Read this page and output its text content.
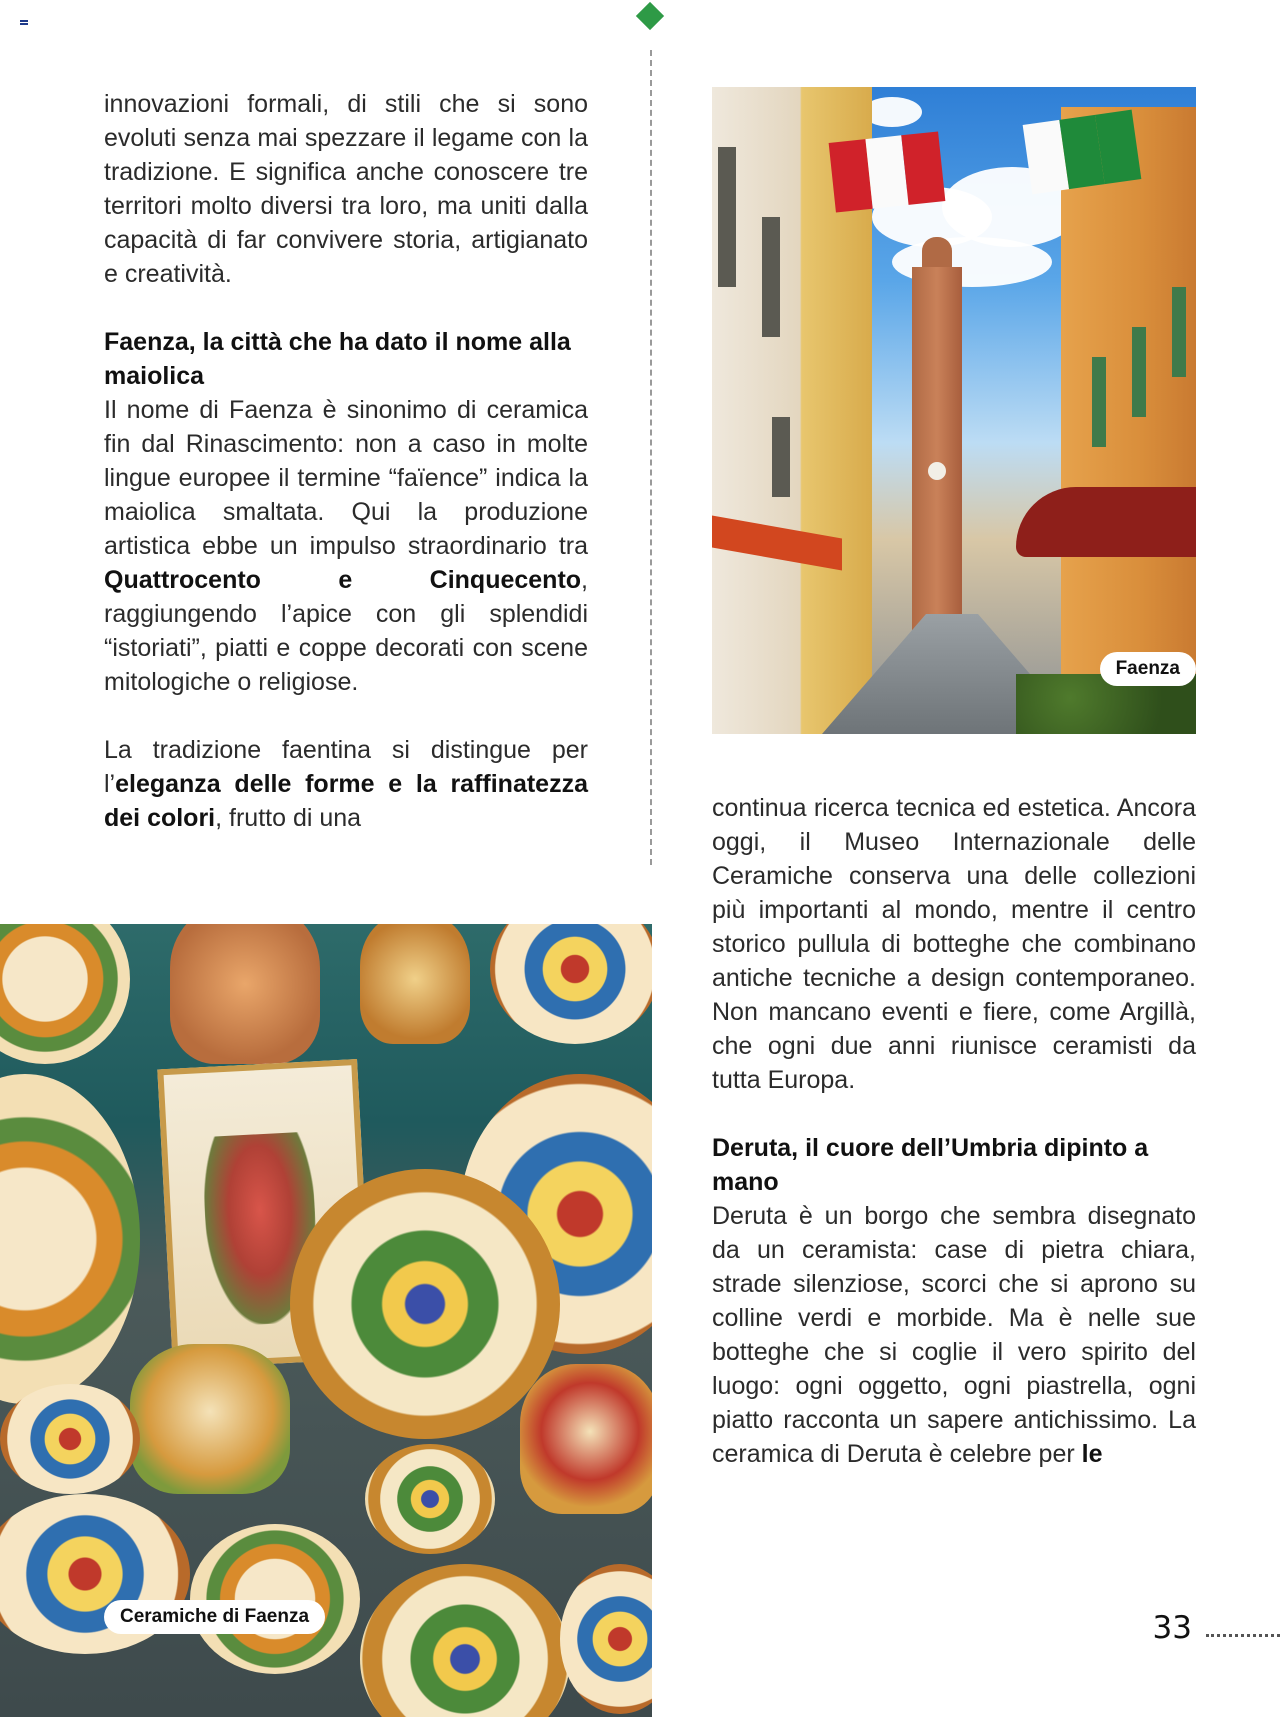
innovazioni formali, di stili che si sono evoluti senza mai spezzare il legame con la tradizione. E significa anche conoscere tre territori molto diversi tra loro, ma uniti dalla capacità di far convivere storia, artigianato e creatività.

Faenza, la città che ha dato il nome alla maiolica

Il nome di Faenza è sinonimo di ceramica fin dal Rinascimento: non a caso in molte lingue europee il termine “faïence” indica la maiolica smaltata. Qui la produzione artistica ebbe un impulso straordinario tra Quattrocento e Cinquecento, raggiungendo l’apice con gli splendidi “istoriati”, piatti e coppe decorati con scene mitologiche o religiose.

La tradizione faentina si distingue per l’eleganza delle forme e la raffinatezza dei colori, frutto di una

Faenza

continua ricerca tecnica ed estetica. Ancora oggi, il Museo Internazionale delle Ceramiche conserva una delle collezioni più importanti al mondo, mentre il centro storico pullula di botteghe che combinano antiche tecniche a design contemporaneo. Non mancano eventi e fiere, come Argillà, che ogni due anni riunisce ceramisti da tutta Europa.

Deruta, il cuore dell’Umbria dipinto a mano

Deruta è un borgo che sembra disegnato da un ceramista: case di pietra chiara, strade silenziose, scorci che si aprono su colline verdi e morbide. Ma è nelle sue botteghe che si coglie il vero spirito del luogo: ogni oggetto, ogni piastrella, ogni piatto racconta un sapere antichissimo. La ceramica di Deruta è celebre per le

Ceramiche di Faenza	33
